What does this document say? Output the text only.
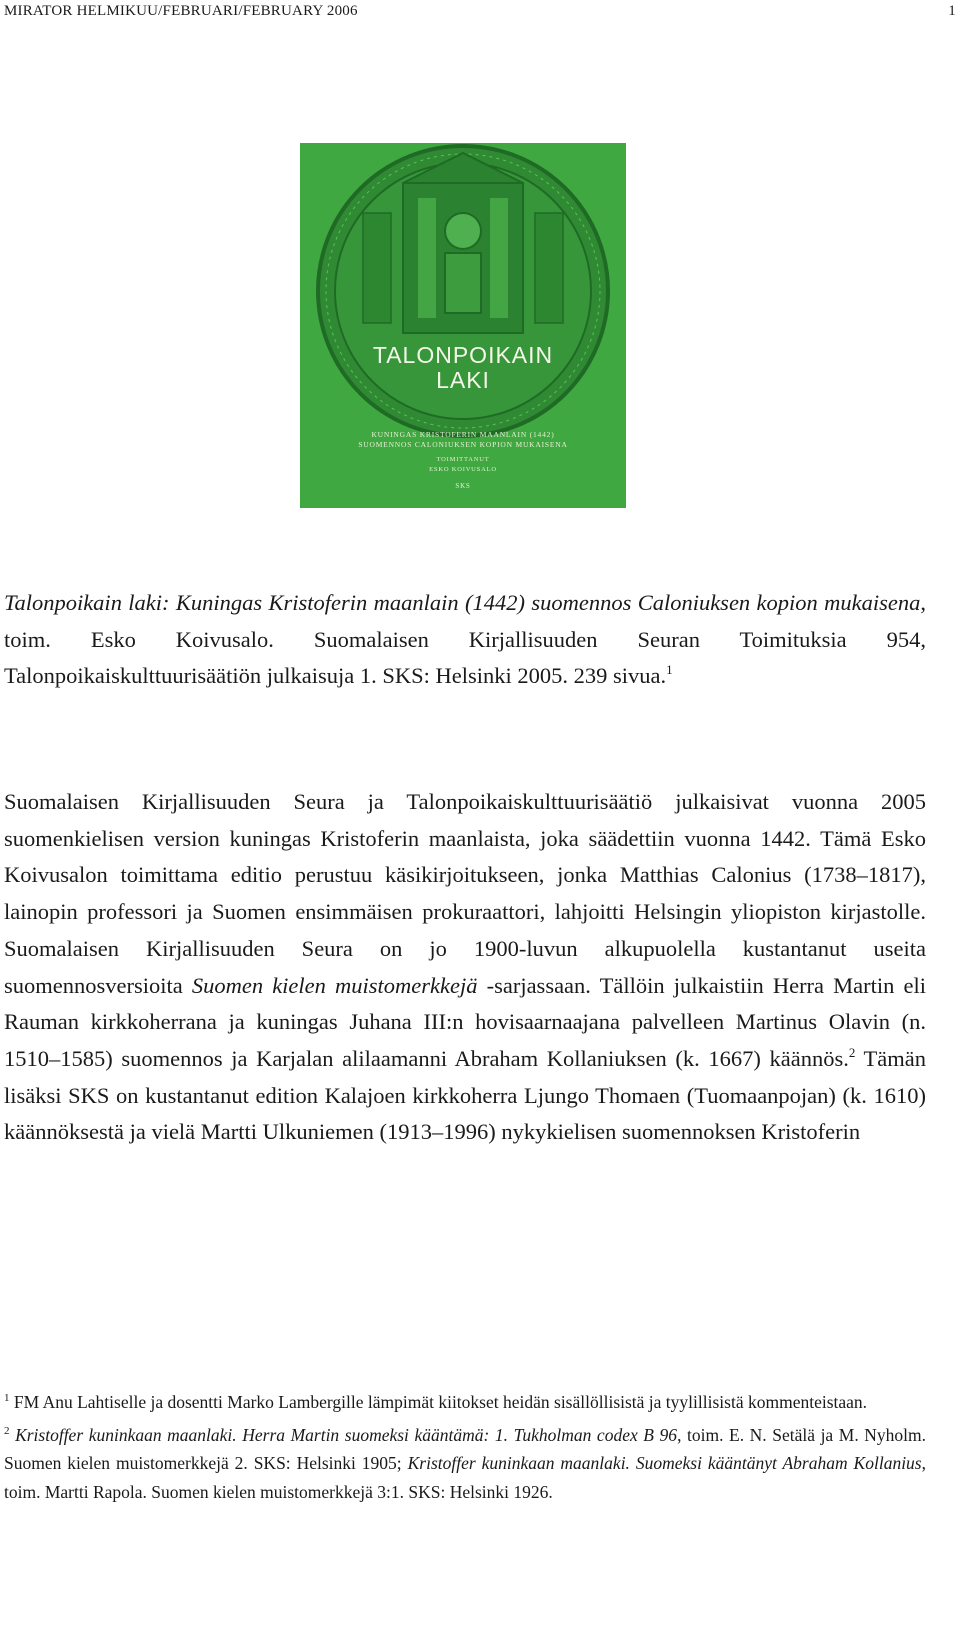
MIRATOR HELMIKUU/FEBRUARI/FEBRUARY 2006	1
TALONPOIKAIN
LAKI
KUNINGAS KRISTOFERIN MAANLAIN (1442)
SUOMENNOS CALONIUKSEN KOPION MUKAISENA
TOIMITTANUT
ESKO KOIVUSALO
SKS
Talonpoikain laki: Kuningas Kristoferin maanlain (1442) suomennos Caloniuksen kopion mukaisena, toim. Esko Koivusalo. Suomalaisen Kirjallisuuden Seuran Toimituksia 954, Talonpoikaiskulttuurisäätiön julkaisuja 1. SKS: Helsinki 2005. 239 sivua.$^1$
Suomalaisen Kirjallisuuden Seura ja Talonpoikaiskulttuurisäätiö julkaisivat vuonna 2005 suomenkielisen version kuningas Kristoferin maanlaista, joka säädettiin vuonna 1442. Tämä Esko Koivusalon toimittama editio perustuu käsikirjoitukseen, jonka Matthias Calonius (1738–1817), lainopin professori ja Suomen ensimmäisen prokuraattori, lahjoitti Helsingin yliopiston kirjastolle. Suomalaisen Kirjallisuuden Seura on jo 1900-luvun alkupuolella kustantanut useita suomennosversioita Suomen kielen muistomerkkejä -sarjassaan. Tällöin julkaistiin Herra Martin eli Rauman kirkkoherrana ja kuningas Juhana III:n hovisaarnaajana palvelleen Martinus Olavin (n. 1510–1585) suomennos ja Karjalan alilaamanni Abraham Kollaniuksen (k. 1667) käännös.$^2$ Tämän lisäksi SKS on kustantanut edition Kalajoen kirkkoherra Ljungo Thomaen (Tuomaanpojan) (k. 1610) käännöksestä ja vielä Martti Ulkuniemen (1913–1996) nykykielisen suomennoksen Kristoferin

$^1$ FM Anu Lahtiselle ja dosentti Marko Lambergille lämpimät kiitokset heidän sisällöllisistä ja tyylillisistä kommenteistaan.

$^2$ Kristoffer kuninkaan maanlaki. Herra Martin suomeksi kääntämä: 1. Tukholman codex B 96, toim. E. N. Setälä ja M. Nyholm. Suomen kielen muistomerkkejä 2. SKS: Helsinki 1905; Kristoffer kuninkaan maanlaki. Suomeksi kääntänyt Abraham Kollanius, toim. Martti Rapola. Suomen kielen muistomerkkejä 3:1. SKS: Helsinki 1926.
